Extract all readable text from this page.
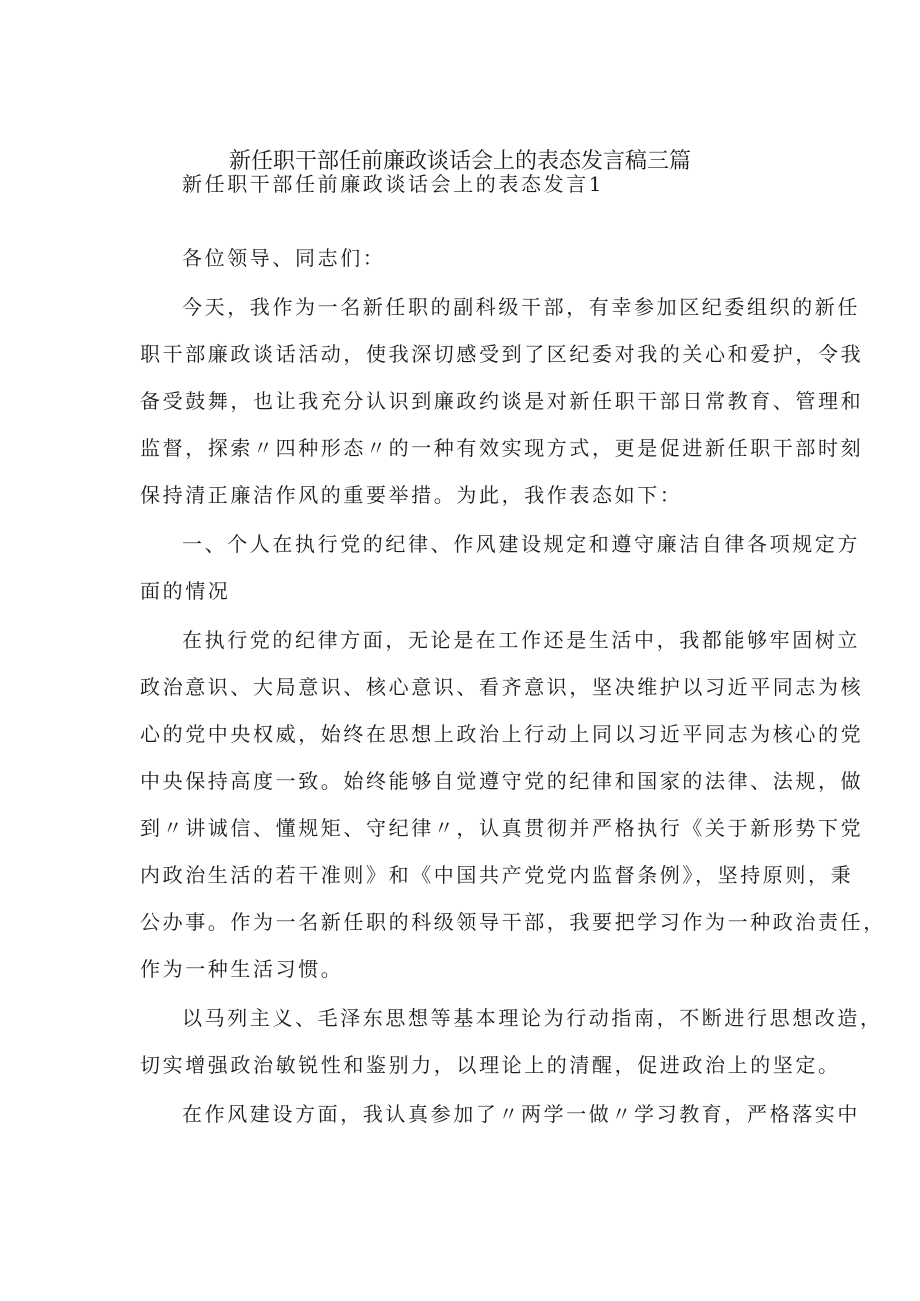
新任职干部任前廉政谈话会上的表态发言稿三篇
新任职干部任前廉政谈话会上的表态发言1
各位领导、同志们：
今天，我作为一名新任职的副科级干部，有幸参加区纪委组织的新任
职干部廉政谈话活动，使我深切感受到了区纪委对我的关心和爱护，令我
备受鼓舞，也让我充分认识到廉政约谈是对新任职干部日常教育、管理和
监督，探索〃四种形态〃的一种有效实现方式，更是促进新任职干部时刻
保持清正廉洁作风的重要举措。为此，我作表态如下：
一、个人在执行党的纪律、作风建设规定和遵守廉洁自律各项规定方
面的情况
在执行党的纪律方面，无论是在工作还是生活中，我都能够牢固树立
政治意识、大局意识、核心意识、看齐意识，坚决维护以习近平同志为核
心的党中央权威，始终在思想上政治上行动上同以习近平同志为核心的党
中央保持高度一致。始终能够自觉遵守党的纪律和国家的法律、法规，做
到〃讲诚信、懂规矩、守纪律〃，认真贯彻并严格执行《关于新形势下党
内政治生活的若干准则》和《中国共产党党内监督条例》，坚持原则，秉
公办事。作为一名新任职的科级领导干部，我要把学习作为一种政治责任，
作为一种生活习惯。
以马列主义、毛泽东思想等基本理论为行动指南，不断进行思想改造，
切实增强政治敏锐性和鉴别力，以理论上的清醒，促进政治上的坚定。
在作风建设方面，我认真参加了〃两学一做〃学习教育，严格落实中
